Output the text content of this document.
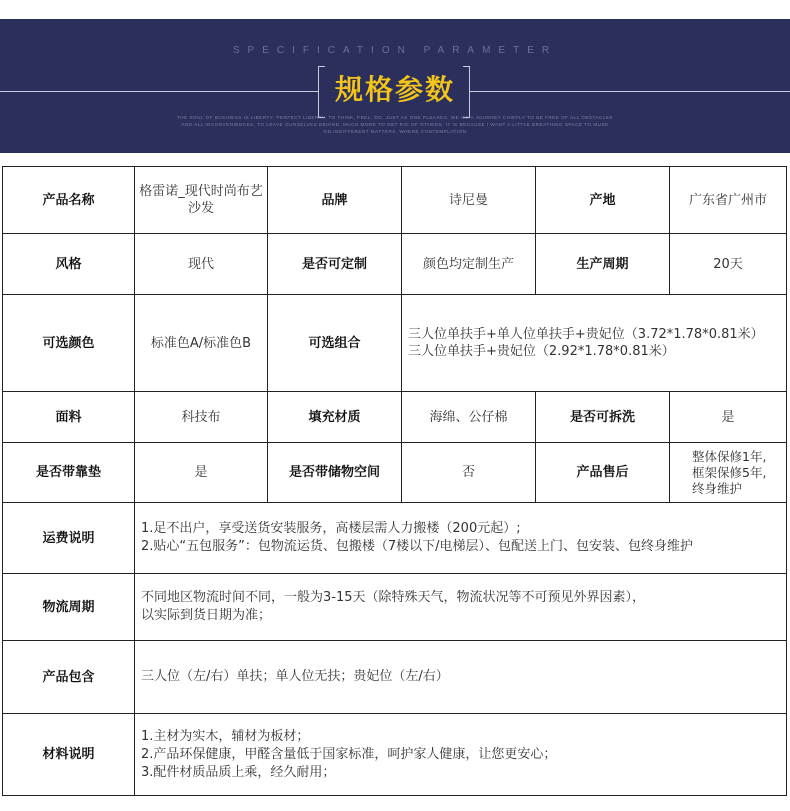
SPECIFICATION PARAMETER
规格参数
THE SOUL OF BUSINESS IS LIBERTY, PERFECT LIBERTY. TO THINK, FEEL, DO, JUST AS ONE PLEASES. WE GO A JOURNEY CHIEFLY TO BE FREE OF ALL OBSTACLES
AND ALL INCONVENIENCES; TO LEAVE OURSELVES BEHIND, MUCH MORE TO GET RID OF OTHERS. IT IS BECAUSE I WANT A LITTLE BREATHING SPACE TO MUSE
ON INDIFFERENT MATTERS, WHERE CONTEMPLATION
产品名称	格雷诺_现代时尚布艺沙发	品牌	诗尼曼	产地	广东省广州市
风格	现代	是否可定制	颜色均定制生产	生产周期	20天
可选颜色	标准色A/标准色B	可选组合	三人位单扶手+单人位单扶手+贵妃位（3.72*1.78*0.81米）
三人位单扶手+贵妃位（2.92*1.78*0.81米）		

面料	科技布	填充材质	海绵、公仔棉	是否可拆洗	是
是否带靠垫	是	是否带储物空间	否	产品售后	整体保修1年,
框架保修5年,
终身维护

运费说明	1.足不出户，享受送货安装服务，高楼层需人力搬楼（200元起）;
2.贴心“五包服务”：包物流运货、包搬楼（7楼以下/电梯层）、包配送上门、包安装、包终身维护				

物流周期	不同地区物流时间不同，一般为3-15天（除特殊天气，物流状况等不可预见外界因素），
以实际到货日期为准；				

产品包含	三人位（左/右）单扶；单人位无扶；贵妃位（左/右）				
材料说明	1.主材为实木，辅材为板材；
2.产品环保健康，甲醛含量低于国家标准，呵护家人健康，让您更安心；
3.配件材质品质上乘，经久耐用；				
